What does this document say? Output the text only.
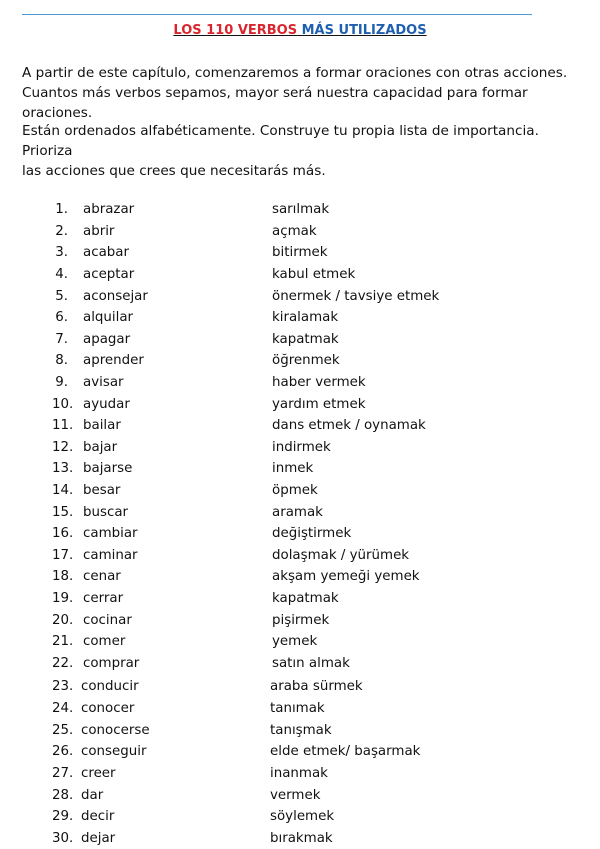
LOS 110 VERBOS MÁS UTILIZADOS
A partir de este capítulo, comenzaremos a formar oraciones con otras acciones.
Cuantos más verbos sepamos, mayor será nuestra capacidad para formar oraciones.
Están ordenados alfabéticamente. Construye tu propia lista de importancia. Prioriza
las acciones que crees que necesitarás más.
1. abrazar	sarılmak
2. abrir	açmak
3. acabar	bitirmek
4. aceptar	kabul etmek
5. aconsejar	önermek / tavsiye etmek
6. alquilar	kiralamak
7. apagar	kapatmak
8. aprender	öğrenmek
9. avisar	haber vermek
10. ayudar	yardım etmek
11. bailar	dans etmek / oynamak
12. bajar	indirmek
13. bajarse	inmek
14. besar	öpmek
15. buscar	aramak
16. cambiar	değiştirmek
17. caminar	dolaşmak / yürümek
18. cenar	akşam yemeği yemek
19. cerrar	kapatmak
20. cocinar	pişirmek
21. comer	yemek
22. comprar	satın almak
23. conducir	araba sürmek
24. conocer	tanımak
25. conocerse	tanışmak
26. conseguir	elde etmek/ başarmak
27. creer	inanmak
28. dar	vermek
29. decir	söylemek
30. dejar	bırakmak
